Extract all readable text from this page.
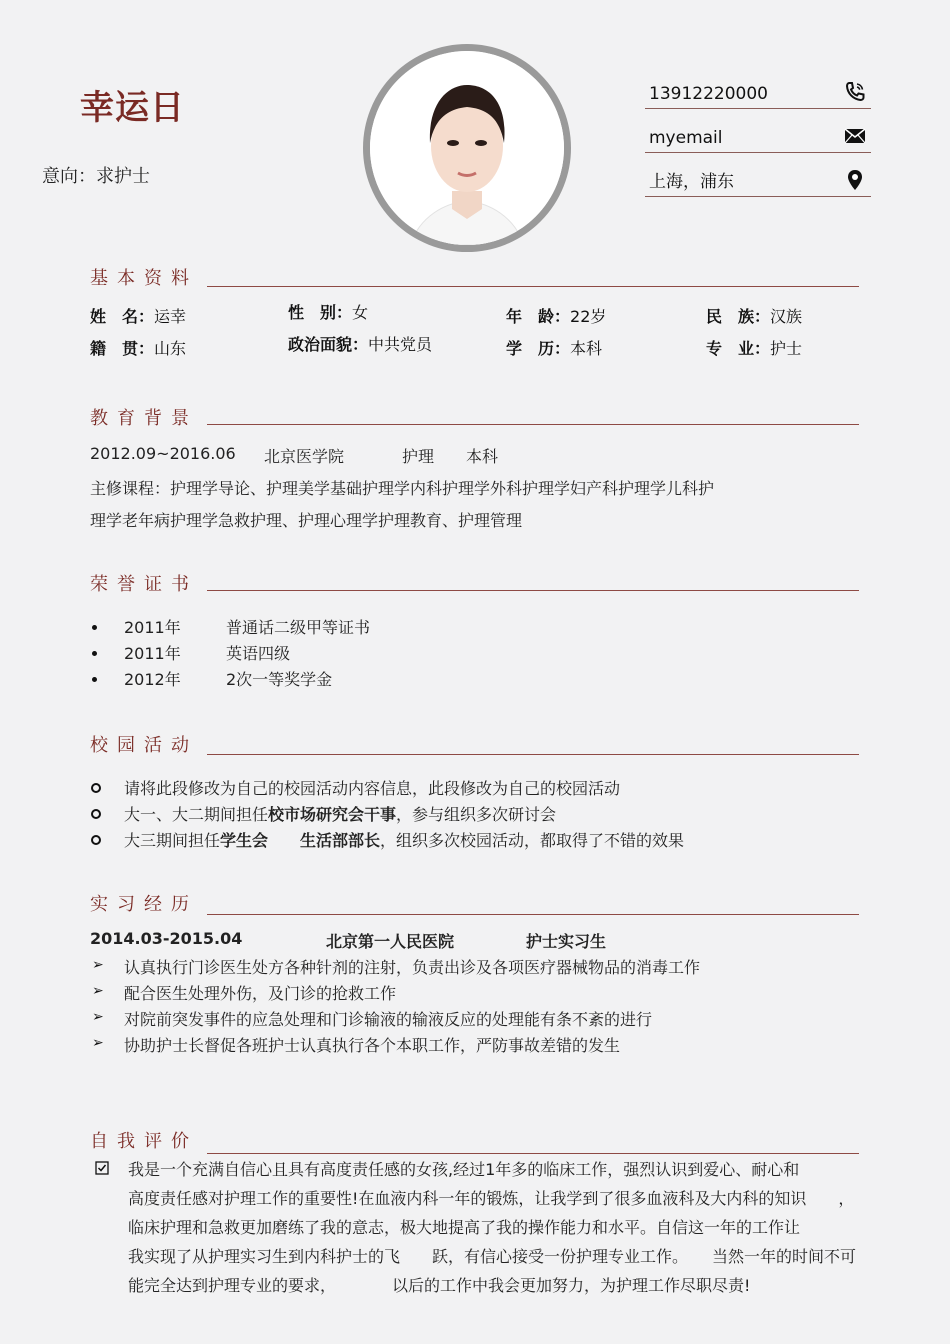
幸运日
意向：求护士
13912220000
myemail
上海，浦东
基本资料
姓　名：运幸	性　别：女	年　龄：22岁	民　族：汉族
籍　贯：山东	政治面貌：中共党员	学　历：本科	专　业：护士
教育背景
2012.09~2016.06 北京医学院	护理 本科
主修课程：护理学导论、护理美学基础护理学内科护理学外科护理学妇产科护理学儿科护
理学老年病护理学急救护理、护理心理学护理教育、护理管理
荣誉证书
2011年	普通话二级甲等证书
2011年	英语四级
2012年	2次一等奖学金
校园活动
请将此段修改为自己的校园活动内容信息，此段修改为自己的校园活动
大一、大二期间担任校市场研究会干事，参与组织多次研讨会
大三期间担任学生会　　生活部部长，组织多次校园活动，都取得了不错的效果
实习经历
2014.03-2015.04	北京第一人民医院	护士实习生
➢ 认真执行门诊医生处方各种针剂的注射，负责出诊及各项医疗器械物品的消毒工作
➢ 配合医生处理外伤，及门诊的抢救工作
➢ 对院前突发事件的应急处理和门诊输液的输液反应的处理能有条不紊的进行
➢ 协助护士长督促各班护士认真执行各个本职工作，严防事故差错的发生
自我评价
我是一个充满自信心且具有高度责任感的女孩,经过1年多的临床工作，强烈认识到爱心、耐心和
高度责任感对护理工作的重要性!在血液内科一年的锻炼，让我学到了很多血液科及大内科的知识　　，
临床护理和急救更加磨练了我的意志，极大地提高了我的操作能力和水平。自信这一年的工作让
我实现了从护理实习生到内科护士的飞　　跃，有信心接受一份护理专业工作。　　当然一年的时间不可
能完全达到护理专业的要求，　　　　以后的工作中我会更加努力，为护理工作尽职尽责!
